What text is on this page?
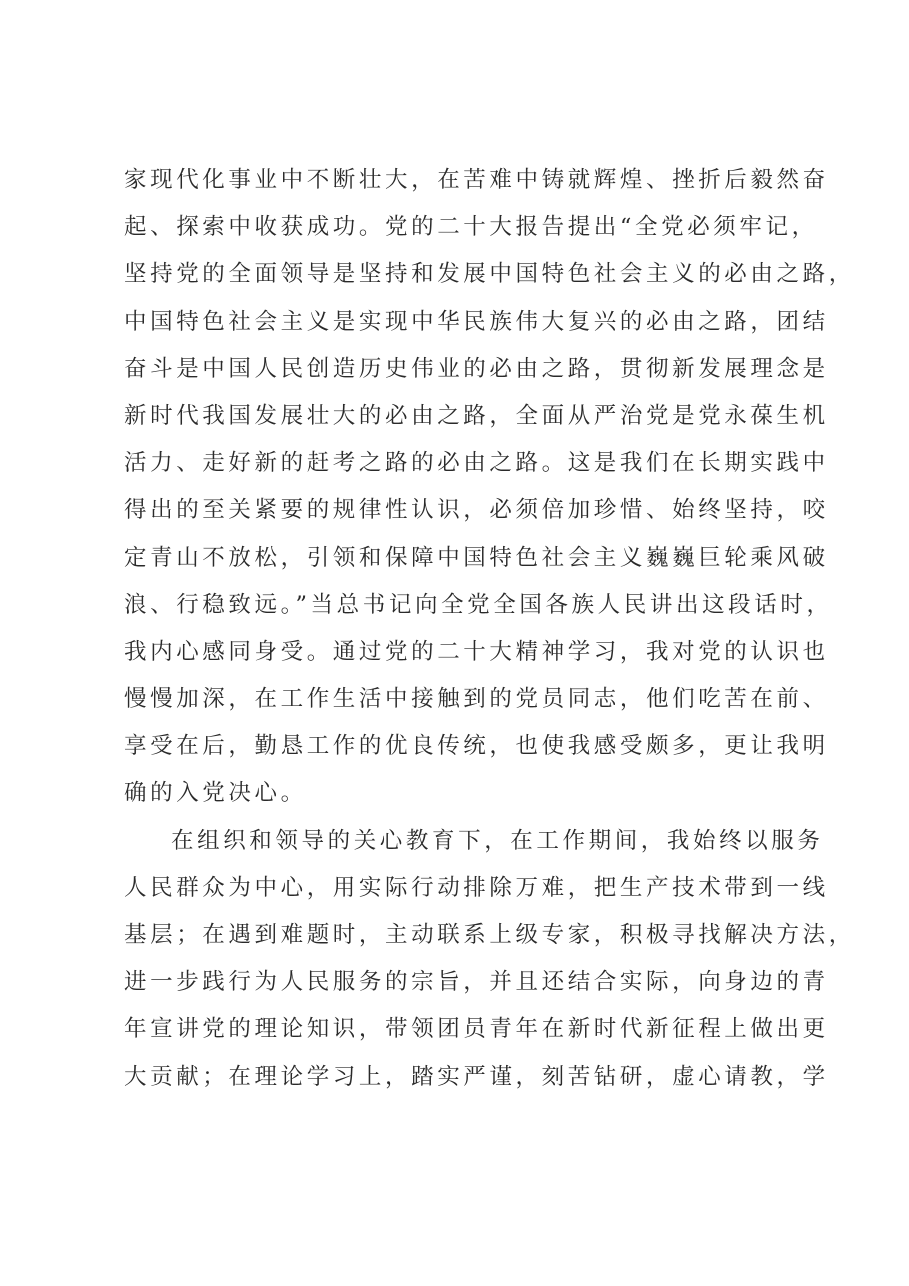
家现代化事业中不断壮大，在苦难中铸就辉煌、挫折后毅然奋
起、探索中收获成功。党的二十大报告提出“全党必须牢记，
坚持党的全面领导是坚持和发展中国特色社会主义的必由之路，
中国特色社会主义是实现中华民族伟大复兴的必由之路，团结
奋斗是中国人民创造历史伟业的必由之路，贯彻新发展理念是
新时代我国发展壮大的必由之路，全面从严治党是党永葆生机
活力、走好新的赶考之路的必由之路。这是我们在长期实践中
得出的至关紧要的规律性认识，必须倍加珍惜、始终坚持，咬
定青山不放松，引领和保障中国特色社会主义巍巍巨轮乘风破
浪、行稳致远。”当总书记向全党全国各族人民讲出这段话时，
我内心感同身受。通过党的二十大精神学习，我对党的认识也
慢慢加深，在工作生活中接触到的党员同志，他们吃苦在前、
享受在后，勤恳工作的优良传统，也使我感受颇多，更让我明
确的入党决心。
在组织和领导的关心教育下，在工作期间，我始终以服务
人民群众为中心，用实际行动排除万难，把生产技术带到一线
基层；在遇到难题时，主动联系上级专家，积极寻找解决方法，
进一步践行为人民服务的宗旨，并且还结合实际，向身边的青
年宣讲党的理论知识，带领团员青年在新时代新征程上做出更
大贡献；在理论学习上，踏实严谨，刻苦钻研，虚心请教，学
